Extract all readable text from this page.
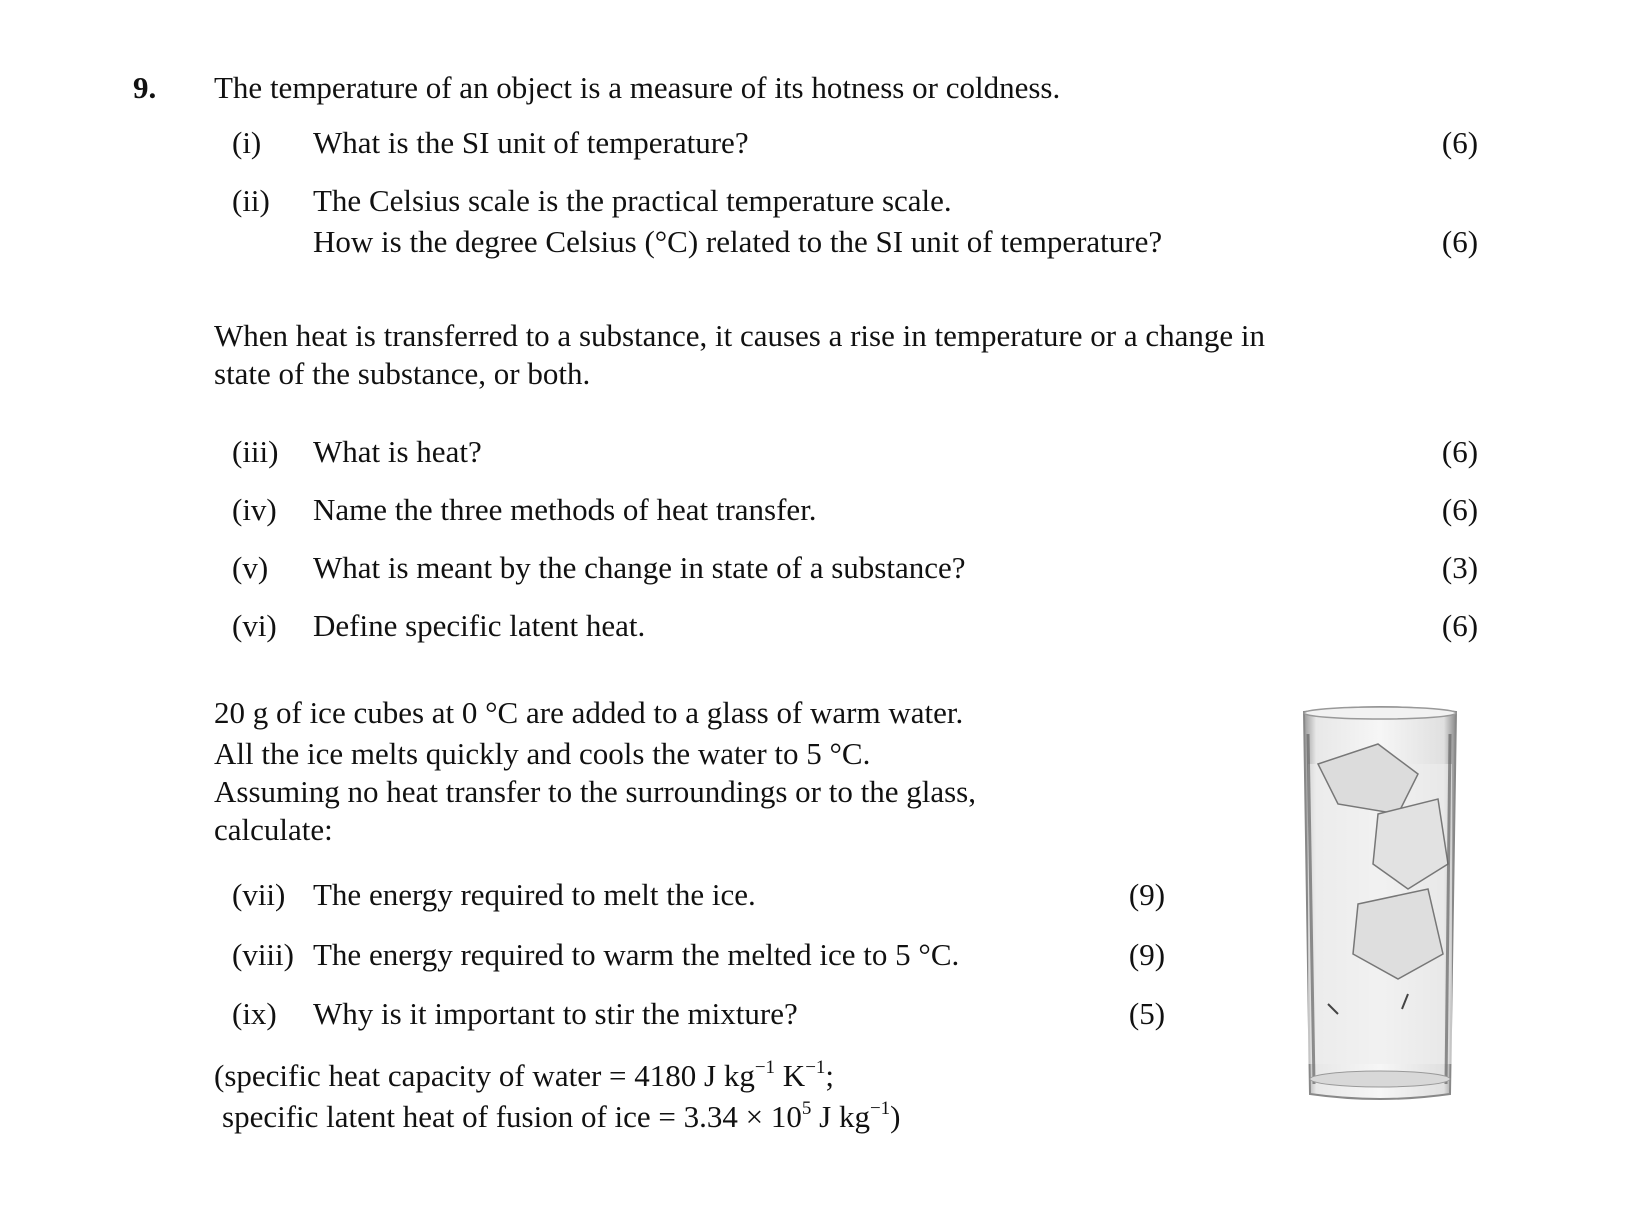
9. The temperature of an object is a measure of its hotness or coldness.
(i) What is the SI unit of temperature?	(6)
(ii) The Celsius scale is the practical temperature scale.
How is the degree Celsius (°C) related to the SI unit of temperature?	(6)
When heat is transferred to a substance, it causes a rise in temperature or a change in
state of the substance, or both.
(iii) What is heat?	(6)
(iv) Name the three methods of heat transfer.	(6)
(v) What is meant by the change in state of a substance?	(3)
(vi) Define specific latent heat.	(6)
20 g of ice cubes at 0 °C are added to a glass of warm water.
All the ice melts quickly and cools the water to 5 °C.
Assuming no heat transfer to the surroundings or to the glass,
calculate:
(vii) The energy required to melt the ice.	(9)
(viii) The energy required to warm the melted ice to 5 °C.	(9)
(ix) Why is it important to stir the mixture?	(5)
(specific heat capacity of water = 4180 J $kg^{-1}$ $K^{-1}$;
specific latent heat of fusion of ice = $3.34 \times 10^5$ J $kg^{-1}$)
